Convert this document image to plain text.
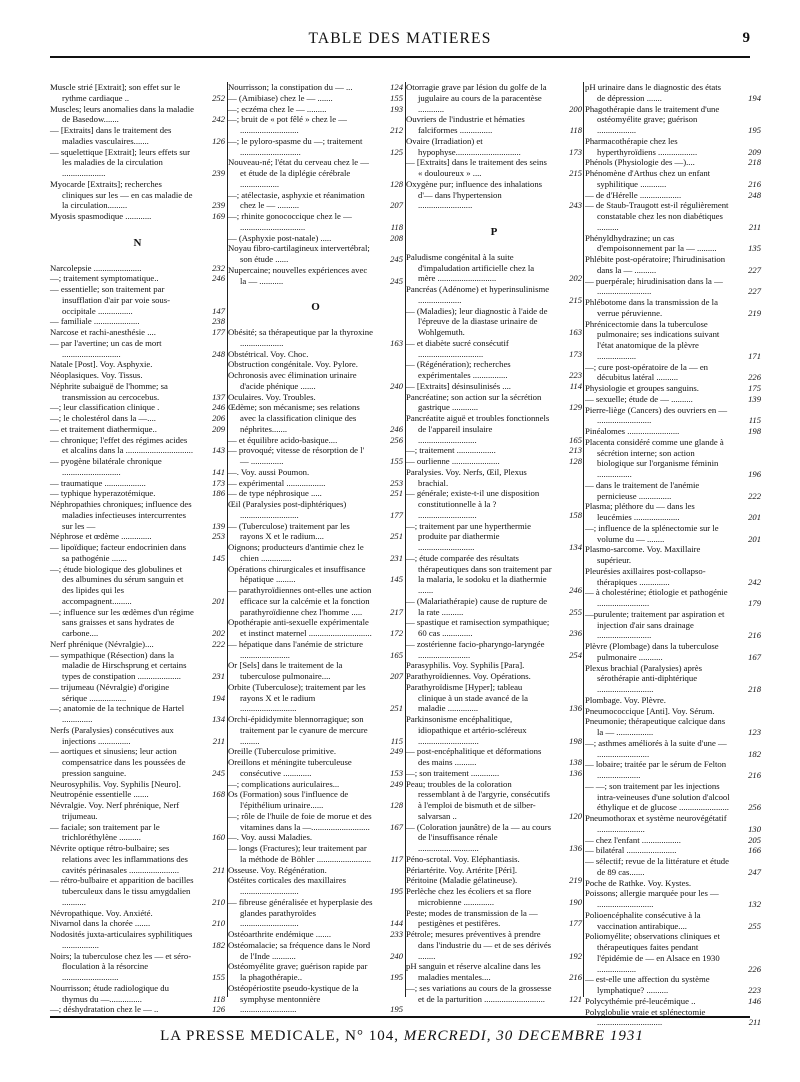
TABLE DES MATIERES	9
Muscle strié [Extrait]; son effet sur le rythme cardiaque ..	252
Muscles; leurs anomalies dans la maladie de Basedow.......	242
— [Extraits] dans le traitement des maladies vasculaires.......	126
— squelettique [Extrait]; leurs effets sur les maladies de la circulation ....................	239
Myocarde [Extraits]; recherches cliniques sur les — en cas maladie de la circulation.........	239
Myosis spasmodique ............	169
N
Narcolepsie ......................	232
—; traitement symptomatique..	246
— essentielle; son traitement par insufflation d'air par voie sous-occipitale ................	147
— familiale .....................	238
Narcose et rachi-anesthésie ....	177
— par l'avertine; un cas de mort ...........................	248
Natale [Post]. Voy. Asphyxie.
Néoplasiques. Voy. Tissus.
Néphrite subaiguë de l'homme; sa transmission au cercocebus.	137
—; leur classification clinique .	246
—; le cholestérol dans la —....	206
— et traitement diathermique..	209
— chronique; l'effet des régimes acides et alcalins dans la ............................... 143
— pyogène bilatérale chronique ...........................	141
— traumatique ...................	173
— typhique hyperazotémique.	186
Néphropathies chroniques; influence des maladies infectieuses intercurrentes sur les —	139
Néphrose et œdème ..............	253
— lipoïdique; facteur endocrinien dans sa pathogénie .......	145
—; étude biologique des globulines et des albumines du sérum sanguin et des lipides qui les accompagnent.........	201
—; influence sur les œdèmes d'un régime sans graisses et sans hydrates de carbone....	202
Nerf phrénique (Névralgie)....	222
— sympathique (Résection) dans la maladie de Hirschsprung et certains types de constipation ....................	231
— trijumeau (Névralgie) d'origine sérique .................	194
—; anatomie de la technique de Hartel ..............	134
Nerfs (Paralysies) consécutives aux injections ...............	211
— aortiques et sinusiens; leur action compensatrice dans les poussées de pression sanguine.	245
Neurosyphilis. Voy. Syphilis [Neuro].
Neutropénie essentielle .......	168
Névralgie. Voy. Nerf phrénique, Nerf trijumeau.
— faciale; son traitement par le trichloréthylène ..........	160
Névrite optique rétro-bulbaire; ses relations avec les inflammations des cavités périnasales .......................	211
— rétro-bulbaire et apparition de bacilles tuberculeux dans le tissu amygdalien ...........	210
Névropathique. Voy. Anxiété.
Nivarnol dans la chorée .......	210
Nodosités juxta-articulaires syphilitiques .................	182
Noirs; la tuberculose chez les — et séro-floculation à la résorcine ..........................	155
Nourrisson; étude radiologique du thymus du —...............	118
—; déshydratation chez le — ..	126
Nourrisson; la constipation du — ...	124
— (Amibiase) chez le — .......	155
—; eczéma chez le — .........	193
—; bruit de « pot fêlé » chez le — ...........................	212
—; le pyloro-spasme du —; traitement ............................	125
Nouveau-né; l'état du cerveau chez le — et étude de la diplégie cérébrale ..................	128
—; atélectasie, asphyxie et réanimation chez le — ..........	207
—; rhinite gonococcique chez le — ..............................	118
— (Asphyxie post-natale) .....	208
Noyau fibro-cartilagineux intervertébral; son étude ......	245
Nupercaine; nouvelles expériences avec la — ...........	245
O
Obésité; sa thérapeutique par la thyroxine ....................	163
Obstétrical. Voy. Choc.
Obstruction congénitale. Voy. Pylore.
Ochronosis avec élimination urinaire d'acide phénique .......	240
Oculaires. Voy. Troubles.
Œdème; son mécanisme; ses relations avec la classification clinique des néphrites.......	246
— et équilibre acido-basique....	256
— provoqué; vitesse de résorption de l' — ...............	155
—. Voy. aussi Poumon.
— expérimental ..................	253
— de type néphrosique .....	251
Œil (Paralysies post-diphtériques) ...........................	177
— (Tuberculose) traitement par les rayons X et le radium....	251
Oignons; producteurs d'antimie chez le chien ..............	231
Opérations chirurgicales et insuffisance hépatique .........	145
— parathyroïdiennes ont-elles une action efficace sur la calcémie et la fonction parathyroïdienne chez l'homme .....	217
Opothérapie anti-sexuelle expérimentale et instinct maternel ............................. 172
— hépatique dans l'anémie de stricture .......................	165
Or [Sels] dans le traitement de la tuberculose pulmonaire....	207
Orbite (Tuberculose); traitement par les rayons X et le radium ..........................	251
Orchi-épididymite blennorragique; son traitement par le cyanure de mercure .........	115
Oreille (Tuberculose primitive.	249
Oreillons et méningite tuberculeuse consécutive .............	153
—; complications auriculaires...	249
Os (Formation) sous l'influence de l'épithélium urinaire......	128
—; rôle de l'huile de foie de morue et des vitamines dans la —...........................	167
—. Voy. aussi Maladies.
— longs (Fractures); leur traitement par la méthode de Böhler ......................... 117
Osseuse. Voy. Régénération.
Ostéites corticales des maxillaires ...........................	195
— fibreuse généralisée et hyperplasie des glandes parathyroïdes ...........................	144
Ostéoarthrite endémique .......	233
Ostéomalacie; sa fréquence dans le Nord de l'Inde ...........	240
Ostéomyélite grave; guérison rapide par la phagothérapie..	195
Ostéopériostite pseudo-kystique de la symphyse mentonnière ..........................	195
Otorragie grave par lésion du golfe de la jugulaire au cours de la paracentèse ............	200
Ouvriers de l'industrie et hématies falciformes ...............	118
Ovaire (Irradiation) et hypophyse..............................	173
— [Extraits] dans le traitement des seins « douloureux » ....	215
Oxygène pur; influence des inhalations d'— dans l'hypertension .........................	243
P
Paludisme congénital à la suite d'impaludation artificielle chez la mère ...........................	202
Pancréas (Adénome) et hyperinsulinisme ....................	215
— (Maladies); leur diagnostic à l'aide de l'épreuve de la diastase urinaire de Wohlgemuth.	163
— et diabète sucré consécutif ..............................	173
— (Régénération); recherches expérimentales ................	223
— [Extraits] désinsulinisés ....	114
Pancréatine; son action sur la sécrétion gastrique ............	129
Pancréatite aiguë et troubles fonctionnels de l'appareil insulaire ...........................	165
—; traitement ..................	213
— ourlienne ......................	128
Paralysies. Voy. Nerfs, Œil, Plexus brachial.
— générale; existe-t-il une disposition constitutionnelle à la ? ...........................	158
—; traitement par une hyperthermie produite par diathermie ..........................	134
—; étude comparée des résultats thérapeutiques dans son traitement par la malaria, le sodoku et la diathermie .......	246
— (Malariathérapie) cause de rupture de la rate ..........	255
— spastique et ramisection sympathique; 60 cas ..............	236
— zostérienne facio-pharyngo-laryngée ........................	254
Parasyphilis. Voy. Syphilis [Para].
Parathyroïdiennes. Voy. Opérations.
Parathyroïdisme [Hyper]; tableau clinique à un stade avancé de la maladie ..............	136
Parkinsonisme encéphalitique, idiopathique et artério-scléreux ............................	198
— post-encéphalitique et déformations des mains ..........	138
—; son traitement .............	136
Peau; troubles de la coloration ressemblant à de l'argyrie, consécutifs à l'emploi de bismuth et de silber-salvarsan ..	120
— (Coloration jaunâtre) de la — au cours de l'insuffisance rénale ............................	136
Péno-scrotal. Voy. Eléphantiasis.
Périartérite. Voy. Artérite [Péri].
Péritoine (Maladie gélatineuse).	219
Perlèche chez les écoliers et sa flore microbienne ..............	190
Peste; modes de transmission de la — pestigènes et pestifères.	177
Pétrole; mesures préventives à prendre dans l'industrie du — et de ses dérivés ........	192
pH sanguin et réserve alcaline dans les maladies mentales....	216
—; ses variations au cours de la grossesse et de la parturition ............................	121
pH urinaire dans le diagnostic des états de dépression .......	194
Phagothérapie dans le traitement d'une ostéomyélite grave; guérison ..................	195
Pharmacothérapie chez les hyperthyroïdiens ..................	209
Phénols (Physiologie des —)....	218
Phénomène d'Arthus chez un enfant syphilitique ............	216
— de d'Hérelle ...................	248
— de Staub-Traugott est-il régulièrement constatable chez les non diabétiques ..........	211
Phényldhydrazine; un cas d'empoisonnement par la — .........	135
Phlébite post-opératoire; l'hirudinisation dans la — ..........	227
— puerpérale; hirudinisation dans la — .........................	227
Phlébotome dans la transmission de la verrue péruvienne.	219
Phrénicectomie dans la tuberculose pulmonaire; ses indications suivant l'état anatomique de la plèvre ..................	171
—; cure post-opératoire de la — en décubitus latéral ..........	226
Physiologie et groupes sanguins.	175
— sexuelle; étude de — ..........	139
Pierre-liège (Cancers) des ouvriers en — .........................	115
Pinéalomes ........................	198
Placenta considéré comme une glande à sécrétion interne; son action biologique sur l'organisme féminin ................	196
— dans le traitement de l'anémie pernicieuse ...............	222
Plasma; pléthore du — dans les leucémies .....................	201
—; influence de la splénectomie sur le volume du — ........	201
Plasmo-sarcome. Voy. Maxillaire supérieur.
Pleurésies axillaires post-collapso-thérapiques ..............	242
— à cholestérine; étiologie et pathogénie ........................	179
—purulente; traitement par aspiration et injection d'air sans drainage .........................	216
Plèvre (Plombage) dans la tuberculose pulmonaire ...........	167
Plexus brachial (Paralysies) après sérothérapie anti-diphtérique ..........................	218
Plombage. Voy. Plèvre.
Pneumococcique [Anti]. Voy. Sérum.
Pneumonie; thérapeutique calcique dans la — .................	123
—; asthmes améliorés à la suite d'une — ........................	182
— lobaire; traitée par le sérum de Felton ....................	216
— —; son traitement par les injections intra-veineuses d'une solution d'alcool éthylique et de glucose ....................... 256
Pneumothorax et système neurovégétatif ......................	130
— chez l'enfant ..................	205
— bilatéral .......................	166
— sélectif; revue de la littérature et étude de 89 cas.......	247
Poche de Rathke. Voy. Kystes.
Poissons; allergie marquée pour les — ..........................	132
Polioencéphalite consécutive à la vaccination antirabique....	255
Poliomyélite; observations cliniques et thérapeutiques faites pendant l'épidémie de — en Alsace en 1930 ..................	226
— est-elle une affection du système lymphatique? ..........	223
Polycythémie pré-leucémique ..	146
Polyglobulie vraie et splénectomie ..............................	211
LA PRESSE MEDICALE, N° 104, MERCREDI, 30 DECEMBRE 1931
